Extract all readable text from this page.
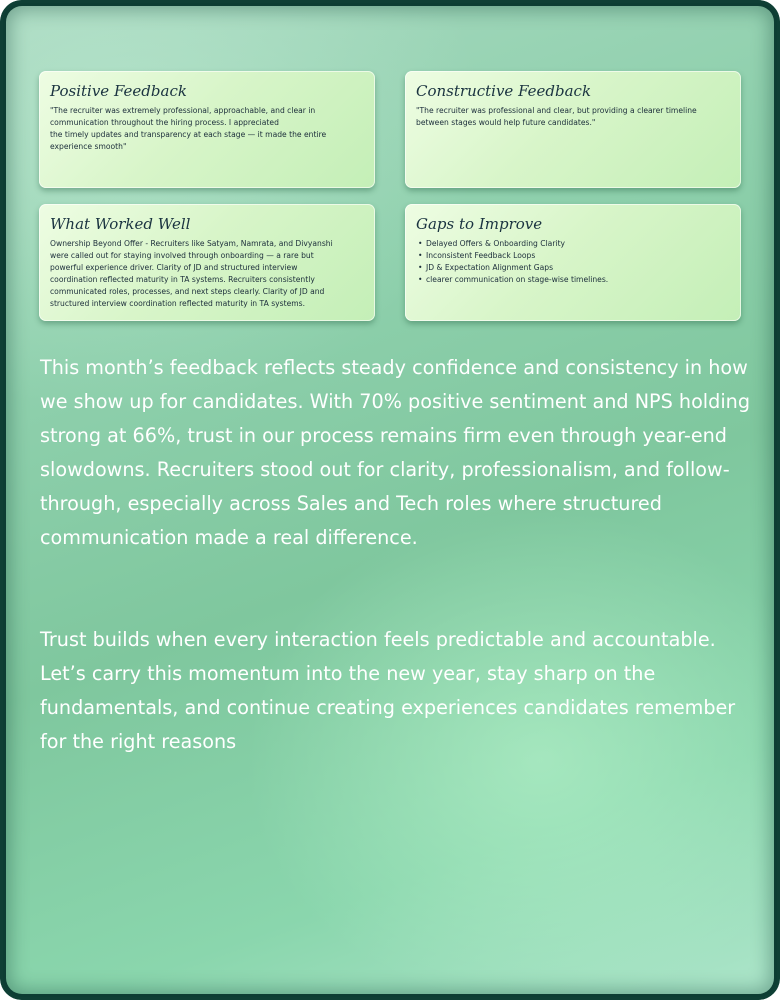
Positive Feedback
"The recruiter was extremely professional, approachable, and clear in
communication throughout the hiring process. I appreciated
the timely updates and transparency at each stage — it made the entire
experience smooth"
Constructive Feedback
"The recruiter was professional and clear, but providing a clearer timeline
between stages would help future candidates."
What Worked Well
Ownership Beyond Offer - Recruiters like Satyam, Namrata, and Divyanshi
were called out for staying involved through onboarding — a rare but
powerful experience driver. Clarity of JD and structured interview
coordination reflected maturity in TA systems. Recruiters consistently
communicated roles, processes, and next steps clearly. Clarity of JD and
structured interview coordination reflected maturity in TA systems.
Gaps to Improve
• Delayed Offers & Onboarding Clarity
• Inconsistent Feedback Loops
• JD & Expectation Alignment Gaps
• clearer communication on stage-wise timelines.

This month’s feedback reflects steady confidence and consistency in how we show up for candidates. With 70% positive sentiment and NPS holding strong at 66%, trust in our process remains firm even through year-end slowdowns. Recruiters stood out for clarity, professionalism, and follow-through, especially across Sales and Tech roles where structured communication made a real difference.

Trust builds when every interaction feels predictable and accountable. Let’s carry this momentum into the new year, stay sharp on the fundamentals, and continue creating experiences candidates remember for the right reasons
